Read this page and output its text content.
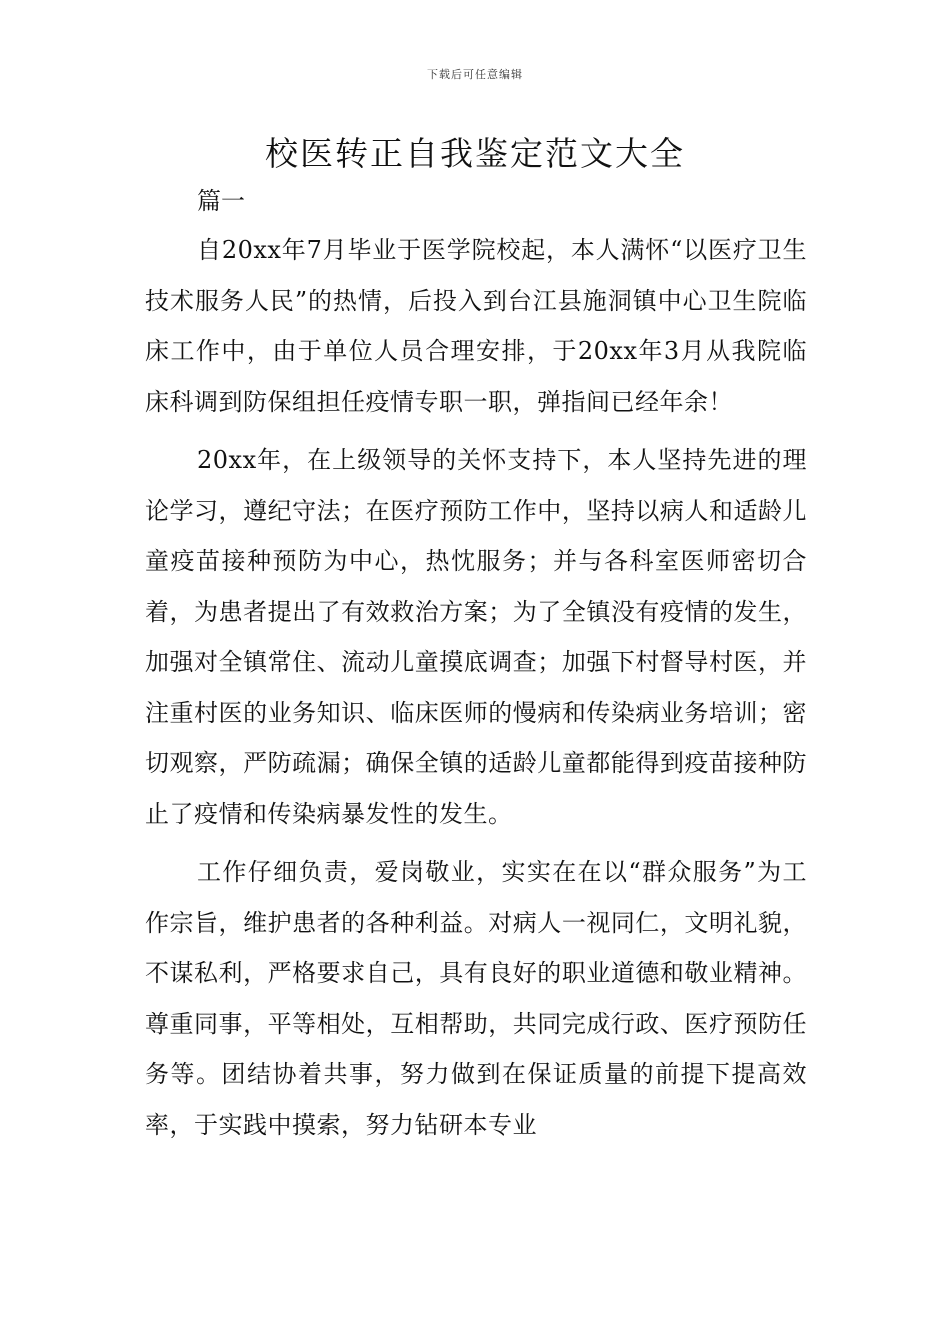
下载后可任意编辑
校医转正自我鉴定范文大全

篇一

自20xx年7月毕业于医学院校起，本人满怀“以医疗卫生技术服务人民”的热情，后投入到台江县施洞镇中心卫生院临床工作中，由于单位人员合理安排，于20xx年3月从我院临床科调到防保组担任疫情专职一职，弹指间已经年余！

20xx年，在上级领导的关怀支持下，本人坚持先进的理论学习，遵纪守法；在医疗预防工作中，坚持以病人和适龄儿童疫苗接种预防为中心，热忱服务；并与各科室医师密切合着，为患者提出了有效救治方案；为了全镇没有疫情的发生，加强对全镇常住、流动儿童摸底调查；加强下村督导村医，并注重村医的业务知识、临床医师的慢病和传染病业务培训；密切观察，严防疏漏；确保全镇的适龄儿童都能得到疫苗接种防止了疫情和传染病暴发性的发生。

工作仔细负责，爱岗敬业，实实在在以“群众服务”为工作宗旨，维护患者的各种利益。对病人一视同仁，文明礼貌，不谋私利，严格要求自己，具有良好的职业道德和敬业精神。尊重同事，平等相处，互相帮助，共同完成行政、医疗预防任务等。团结协着共事，努力做到在保证质量的前提下提高效率，于实践中摸索，努力钻研本专业
